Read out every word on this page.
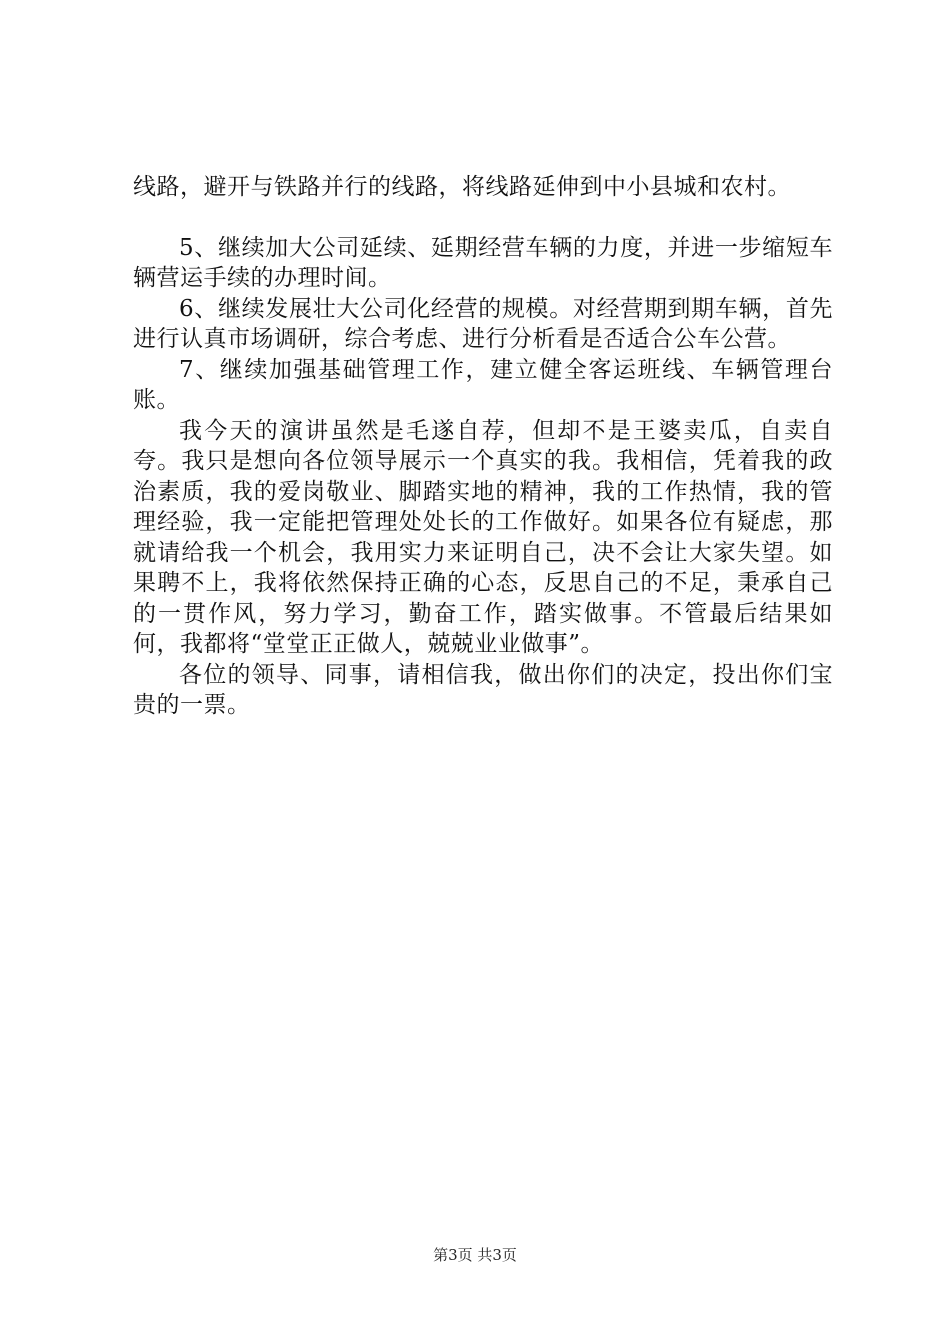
线路，避开与铁路并行的线路，将线路延伸到中小县城和农村。

5、继续加大公司延续、延期经营车辆的力度，并进一步缩短车辆营运手续的办理时间。

6、继续发展壮大公司化经营的规模。对经营期到期车辆，首先进行认真市场调研，综合考虑、进行分析看是否适合公车公营。

7、继续加强基础管理工作，建立健全客运班线、车辆管理台账。

我今天的演讲虽然是毛遂自荐，但却不是王婆卖瓜，自卖自夸。我只是想向各位领导展示一个真实的我。我相信，凭着我的政治素质，我的爱岗敬业、脚踏实地的精神，我的工作热情，我的管理经验，我一定能把管理处处长的工作做好。如果各位有疑虑，那就请给我一个机会，我用实力来证明自己，决不会让大家失望。如果聘不上，我将依然保持正确的心态，反思自己的不足，秉承自己的一贯作风，努力学习，勤奋工作，踏实做事。不管最后结果如何，我都将“堂堂正正做人，兢兢业业做事”。

各位的领导、同事，请相信我，做出你们的决定，投出你们宝贵的一票。

第3页 共3页
